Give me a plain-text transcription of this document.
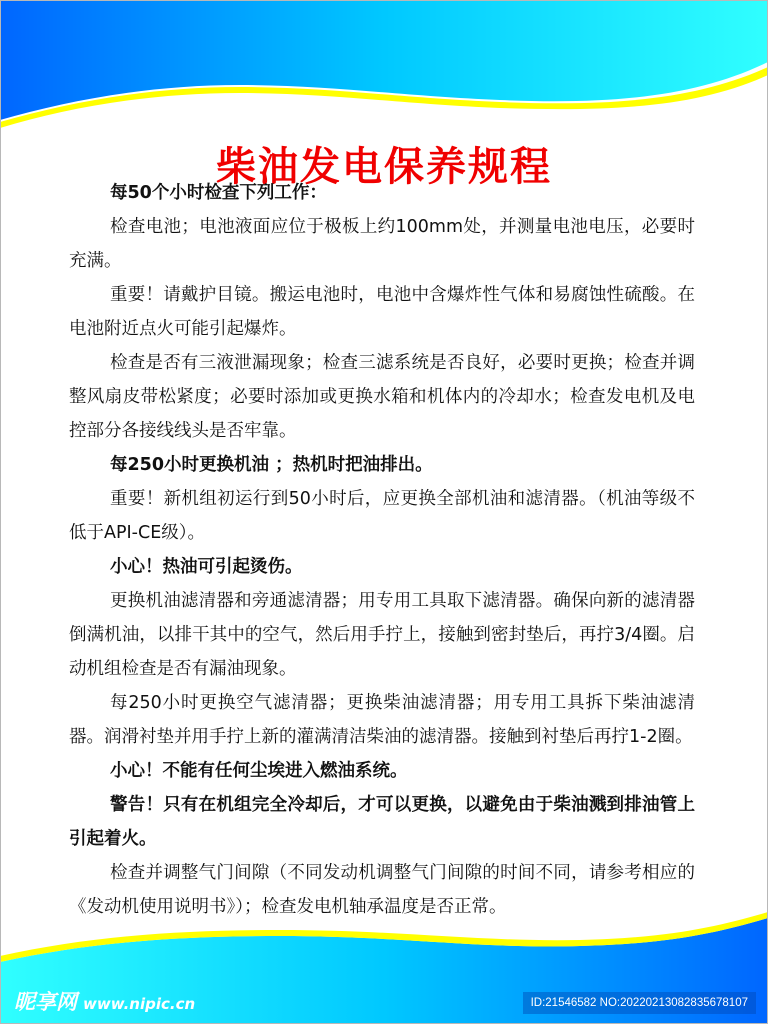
柴油发电保养规程

每50个小时检查下列工作：

检查电池；电池液面应位于极板上约100mm处，并测量电池电压，必要时充满。

重要！请戴护目镜。搬运电池时，电池中含爆炸性气体和易腐蚀性硫酸。在电池附近点火可能引起爆炸。

检查是否有三液泄漏现象；检查三滤系统是否良好，必要时更换；检查并调整风扇皮带松紧度；必要时添加或更换水箱和机体内的冷却水；检查发电机及电控部分各接线线头是否牢靠。

每250小时更换机油 ；热机时把油排出。

重要！新机组初运行到50小时后，应更换全部机油和滤清器。（机油等级不低于API-CE级）。

小心！热油可引起烫伤。

更换机油滤清器和旁通滤清器；用专用工具取下滤清器。确保向新的滤清器倒满机油，以排干其中的空气，然后用手拧上，接触到密封垫后，再拧3/4圈。启动机组检查是否有漏油现象。

每250小时更换空气滤清器；更换柴油滤清器；用专用工具拆下柴油滤清器。润滑衬垫并用手拧上新的灌满清洁柴油的滤清器。接触到衬垫后再拧1-2圈。

小心！不能有任何尘埃进入燃油系统。

警告！只有在机组完全冷却后，才可以更换，以避免由于柴油溅到排油管上引起着火。

检查并调整气门间隙（不同发动机调整气门间隙的时间不同，请参考相应的《发动机使用说明书》）；检查发电机轴承温度是否正常。

昵享网 www.nipic.cn	ID:21546582 NO:20220213082835678107
